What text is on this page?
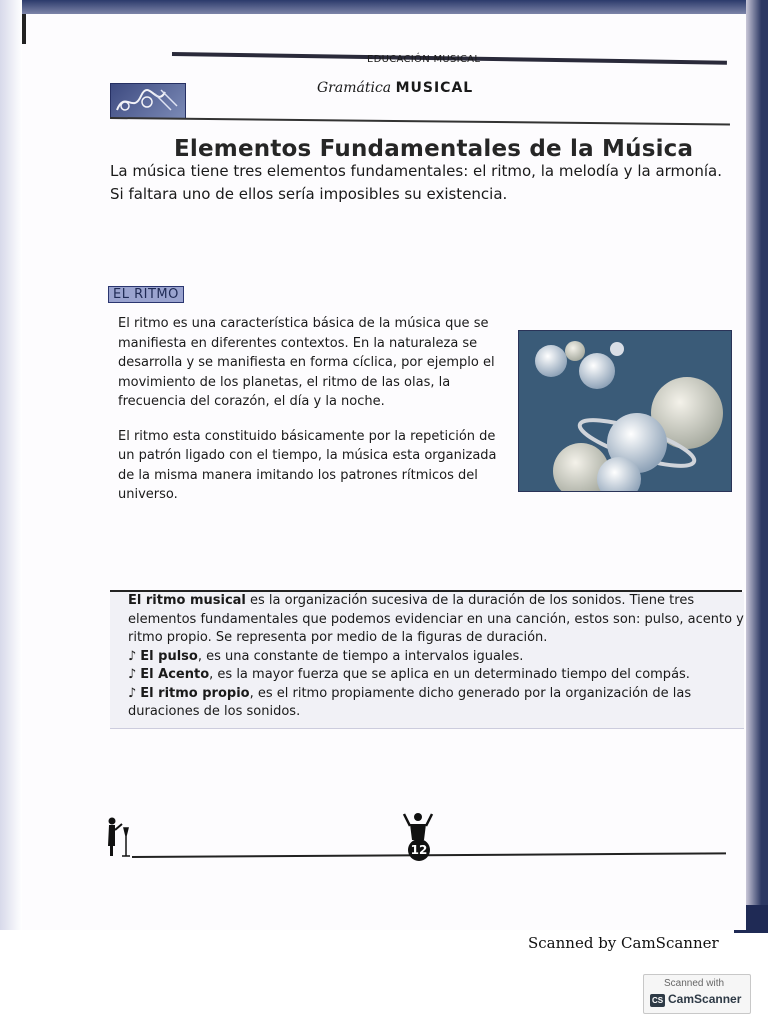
EDUCACIÓN MUSICAL
Gramática MUSICAL
Elementos Fundamentales de la Música

La música tiene tres elementos fundamentales: el ritmo, la melodía y la armonía.

Si faltara uno de ellos sería imposibles su existencia.

EL RITMO

El ritmo es una característica básica de la música que se manifiesta en diferentes contextos. En la naturaleza se desarrolla y se manifiesta en forma cíclica, por ejemplo el movimiento de los planetas, el ritmo de las olas, la frecuencia del corazón, el día y la noche.

El ritmo esta constituido básicamente por la repetición de un patrón ligado con el tiempo, la música esta organizada de la misma manera imitando los patrones rítmicos del universo.

El ritmo musical es la organización sucesiva de la duración de los sonidos. Tiene tres elementos fundamentales que podemos evidenciar en una canción, estos son: pulso, acento y ritmo propio. Se representa por medio de la figuras de duración.

♪ El pulso, es una constante de tiempo a intervalos iguales.
♪ El Acento, es la mayor fuerza que se aplica en un determinado tiempo del compás.
♪ El ritmo propio, es el ritmo propiamente dicho generado por la organización de las duraciones de los sonidos.
12
Scanned by CamScanner
Scanned with
CS CamScanner
